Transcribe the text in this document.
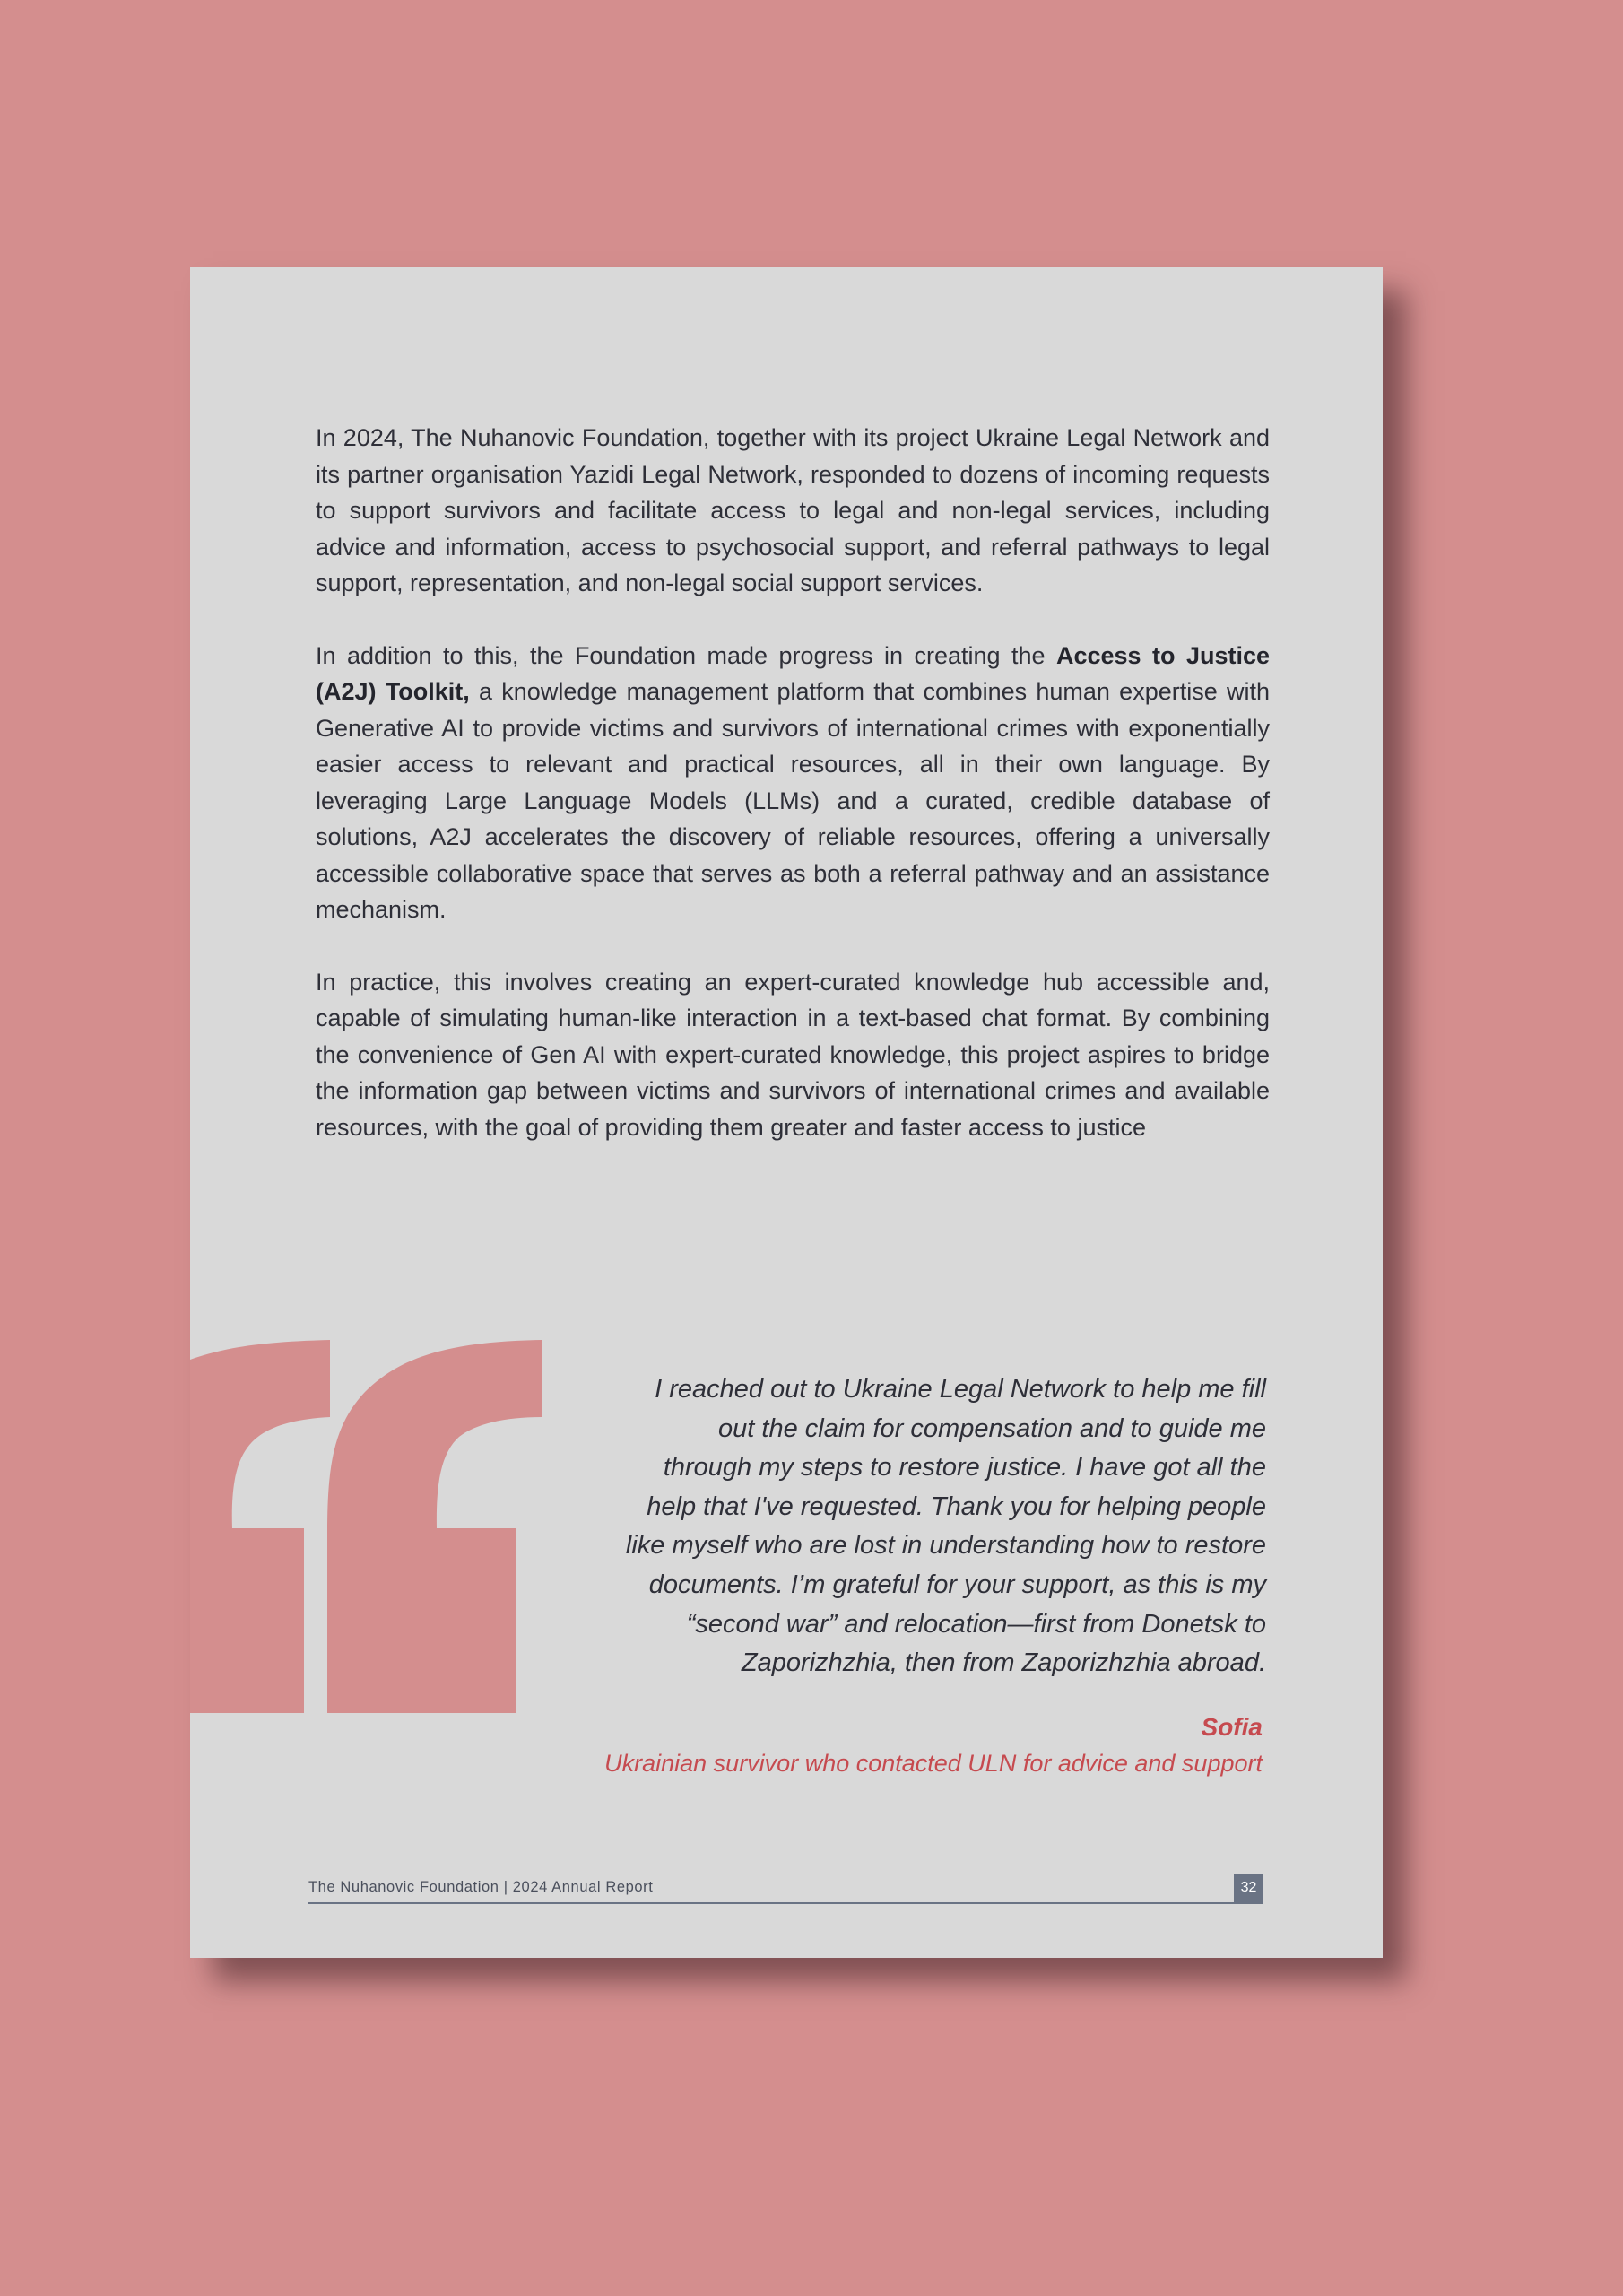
In 2024, The Nuhanovic Foundation, together with its project Ukraine Legal Network and its partner organisation Yazidi Legal Network, responded to dozens of incoming requests to support survivors and facilitate access to legal and non-legal services, including advice and information, access to psychosocial support, and referral pathways to legal support, representation, and non-legal social support services.

In addition to this, the Foundation made progress in creating the Access to Justice (A2J) Toolkit, a knowledge management platform that combines human expertise with Generative AI to provide victims and survivors of international crimes with exponentially easier access to relevant and practical resources, all in their own language. By leveraging Large Language Models (LLMs) and a curated, credible database of solutions, A2J accelerates the discovery of reliable resources, offering a universally accessible collaborative space that serves as both a referral pathway and an assistance mechanism.

In practice, this involves creating an expert-curated knowledge hub accessible and, capable of simulating human-like interaction in a text-based chat format. By combining the convenience of Gen AI with expert-curated knowledge, this project aspires to bridge the information gap between victims and survivors of international crimes and available resources, with the goal of providing them greater and faster access to justice

I reached out to Ukraine Legal Network to help me fill
out the claim for compensation and to guide me
through my steps to restore justice. I have got all the
help that I've requested. Thank you for helping people
like myself who are lost in understanding how to restore
documents. I’m grateful for your support, as this is my
“second war” and relocation—first from Donetsk to
Zaporizhzhia, then from Zaporizhzhia abroad.
Sofia
Ukrainian survivor who contacted ULN for advice and support
The Nuhanovic Foundation | 2024 Annual Report	32
